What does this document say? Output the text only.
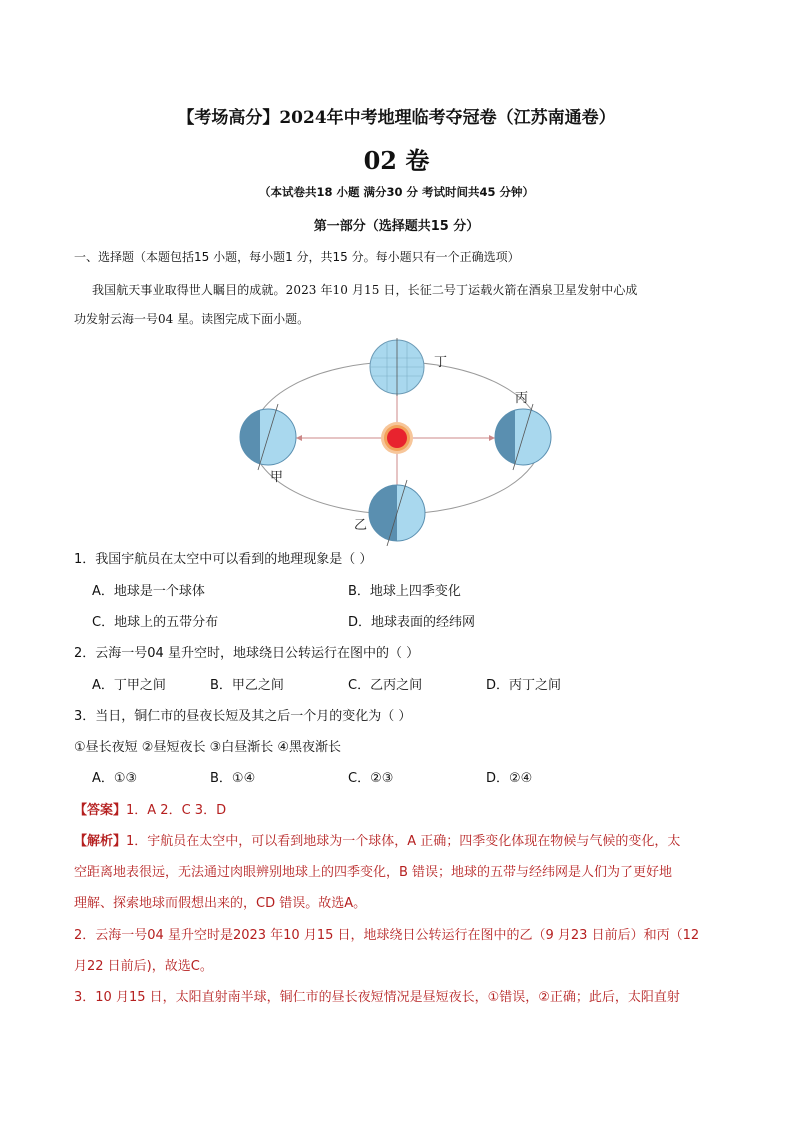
【考场高分】2024年中考地理临考夺冠卷（江苏南通卷）
02 卷
（本试卷共18 小题 满分30 分 考试时间共45 分钟）
第一部分（选择题共15 分）
一、选择题（本题包括15 小题，每小题1 分，共15 分。每小题只有一个正确选项）
我国航天事业取得世人瞩目的成就。2023 年10 月15 日，长征二号丁运载火箭在酒泉卫星发射中心成
功发射云海一号04 星。读图完成下面小题。
丁
丙
甲
乙
1．我国宇航员在太空中可以看到的地理现象是（ ）
A．地球是一个球体	B．地球上四季变化
C．地球上的五带分布	D．地球表面的经纬网
2．云海一号04 星升空时，地球绕日公转运行在图中的（ ）
A．丁甲之间	B．甲乙之间	C．乙丙之间	D．丙丁之间
3．当日，铜仁市的昼夜长短及其之后一个月的变化为（ ）
①昼长夜短 ②昼短夜长 ③白昼渐长 ④黑夜渐长
A．①③	B．①④	C．②③	D．②④
【答案】1．A 2．C 3．D
【解析】1．宇航员在太空中，可以看到地球为一个球体，A 正确；四季变化体现在物候与气候的变化，太
空距离地表很远，无法通过肉眼辨别地球上的四季变化，B 错误；地球的五带与经纬网是人们为了更好地
理解、探索地球而假想出来的，CD 错误。故选A。
2．云海一号04 星升空时是2023 年10 月15 日，地球绕日公转运行在图中的乙（9 月23 日前后）和丙（12
月22 日前后)，故选C。
3．10 月15 日，太阳直射南半球，铜仁市的昼长夜短情况是昼短夜长，①错误，②正确；此后，太阳直射
